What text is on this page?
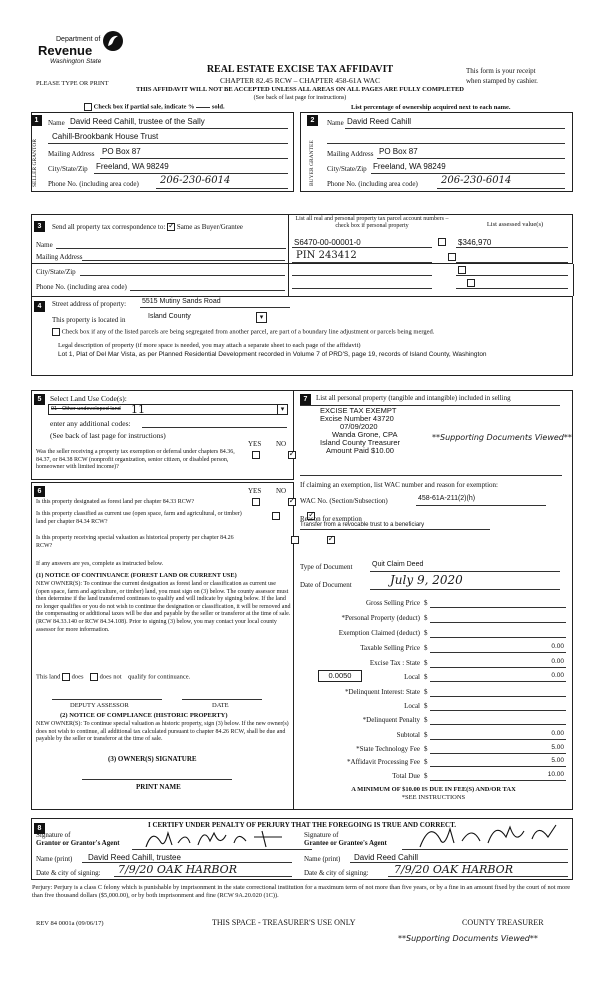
Department of
Revenue
Washington State
PLEASE TYPE OR PRINT
REAL ESTATE EXCISE TAX AFFIDAVIT
CHAPTER 82.45 RCW – CHAPTER 458-61A WAC
THIS AFFIDAVIT WILL NOT BE ACCEPTED UNLESS ALL AREAS ON ALL PAGES ARE FULLY COMPLETED
This form is your receipt
when stamped by cashier.
(See back of last page for instructions)
Check box if partial sale, indicate %	sold.	List percentage of ownership acquired next to each name.
1
SELLER GRANTOR
Name David Reed Cahill, trustee of the Sally
Cahill-Brookbank House Trust
Mailing Address PO Box 87
City/State/Zip Freeland, WA 98249
Phone No. (including area code) 206-230-6014
2
BUYER GRANTEE
Name David Reed Cahill
Mailing Address PO Box 87
City/State/Zip Freeland, WA 98249
Phone No. (including area code) 206-230-6014
3	Send all property tax correspondence to: ✓ Same as Buyer/Grantee
Name
Mailing Address
City/State/Zip
Phone No. (including area code)
List all real and personal property tax parcel account numbers – check box if personal property	List assessed value(s)
S6470-00-00001-0
	$346,970
PIN 243412

4	Street address of property: 5515 Mutiny Sands Road
This property is located in	Island County	▾
Check box if any of the listed parcels are being segregated from another parcel, are part of a boundary line adjustment or parcels being merged.
Legal description of property (if more space is needed, you may attach a separate sheet to each page of the affidavit)
Lot 1, Plat of Del Mar Vista, as per Planned Residential Development recorded in Volume 7 of PRD'S, page 19, records of Island County, Washington
5	Select Land Use Code(s):
91 - Other undeveloped land 11	▾
enter any additional codes:
(See back of last page for instructions)
YES NO
Was the seller receiving a property tax exemption or deferral under chapters 84.36, 84.37, or 84.38 RCW (nonprofit organization, senior citizen, or disabled person, homeowner with limited income)?
✓
6	YES NO
Is this property designated as forest land per chapter 84.33 RCW?
✓
Is this property classified as current use (open space, farm and agricultural, or timber) land per chapter 84.34 RCW?
✓
Is this property receiving special valuation as historical property per chapter 84.26 RCW?
✓
If any answers are yes, complete as instructed below.
(1) NOTICE OF CONTINUANCE (FOREST LAND OR CURRENT USE)
NEW OWNER(S): To continue the current designation as forest land or classification as current use (open space, farm and agriculture, or timber) land, you must sign on (3) below. The county assessor must then determine if the land transferred continues to qualify and will indicate by signing below. If the land no longer qualifies or you do not wish to continue the designation or classification, it will be removed and the compensating or additional taxes will be due and payable by the seller or transferor at the time of sale. (RCW 84.33.140 or RCW 84.34.108). Prior to signing (3) below, you may contact your local county assessor for more information.
This land does does not qualify for continuance.
DEPUTY ASSESSOR	DATE
(2) NOTICE OF COMPLIANCE (HISTORIC PROPERTY)
NEW OWNER(S): To continue special valuation as historic property, sign (3) below. If the new owner(s) does not wish to continue, all additional tax calculated pursuant to chapter 84.26 RCW, shall be due and payable by the seller or transferor at the time of sale.
(3) OWNER(S) SIGNATURE
PRINT NAME
7	List all personal property (tangible and intangible) included in selling
EXCISE TAX EXEMPT
Excise Number 43720
07/09/2020
Wanda Grone, CPA
Island County Treasurer
Amount Paid $10.00
**Supporting Documents Viewed**
If claiming an exemption, list WAC number and reason for exemption:
WAC No. (Section/Subsection)	458-61A-211(2)(h)
Reason for exemption
Transfer from a revocable trust to a beneficiary
Type of Document	Quit Claim Deed
Date of Document	July 9, 2020
Gross Selling Price $
*Personal Property (deduct) $
Exemption Claimed (deduct) $
Taxable Selling Price $	0.00
Excise Tax : State $	0.00
0.0050	Local $	0.00
*Delinquent Interest: State $
Local $
*Delinquent Penalty $
Subtotal $	0.00
*State Technology Fee $	5.00
*Affidavit Processing Fee $	5.00
Total Due $	10.00
A MINIMUM OF $10.00 IS DUE IN FEE(S) AND/OR TAX
*SEE INSTRUCTIONS
8	I CERTIFY UNDER PENALTY OF PERJURY THAT THE FOREGOING IS TRUE AND CORRECT.
Signature of
Grantor or Grantor's Agent
Signature of
Grantee or Grantee's Agent
Name (print) David Reed Cahill, trustee	Name (print) David Reed Cahill
Date & city of signing: 7/9/20 OAK HARBOR	Date & city of signing: 7/9/20 OAK HARBOR
Perjury: Perjury is a class C felony which is punishable by imprisonment in the state correctional institution for a maximum term of not more than five years, or by a fine in an amount fixed by the court of not more than five thousand dollars ($5,000.00), or by both imprisonment and fine (RCW 9A.20.020 (1C)).
REV 84 0001a (09/06/17)	THIS SPACE - TREASURER'S USE ONLY	COUNTY TREASURER
**Supporting Documents Viewed**
